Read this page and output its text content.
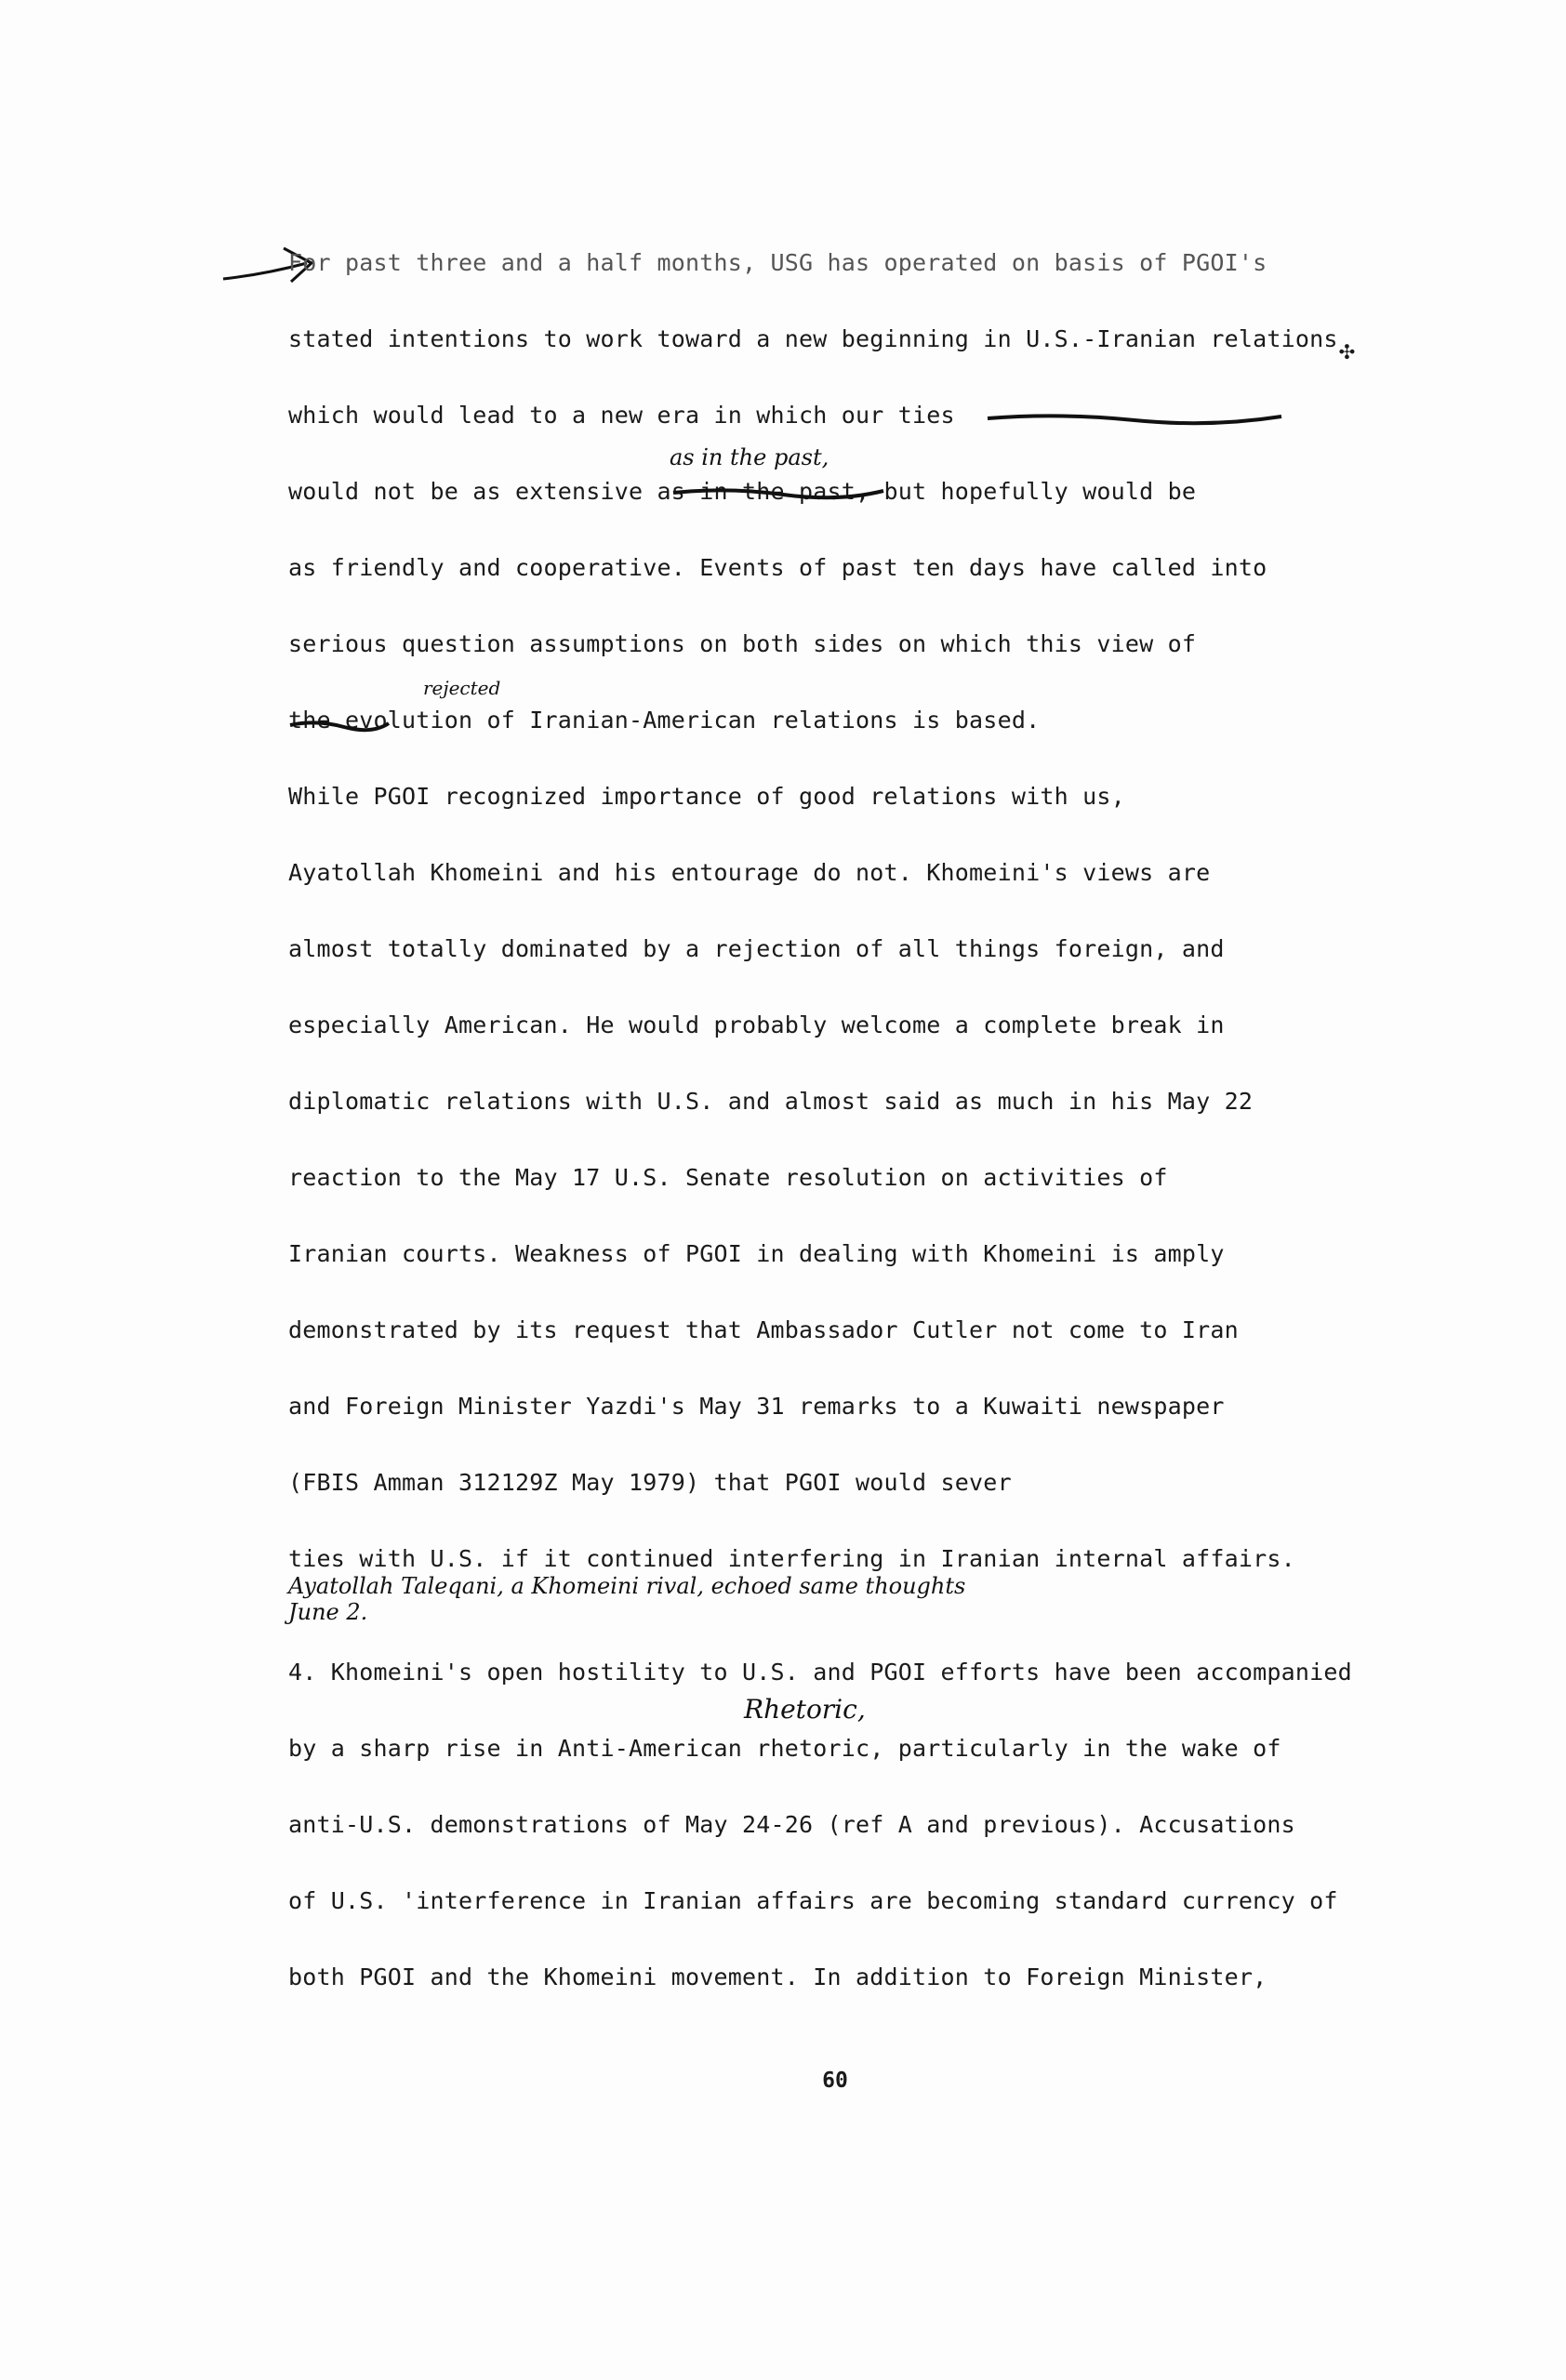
✣
For past three and a half months, USG has operated on basis of PGOI's
stated intentions to work toward a new beginning in U.S.-Iranian relations
which would lead to a new era in which our ties
as in the past,
would not be as extensive as in the past, but hopefully would be
as friendly and cooperative. Events of past ten days have called into
serious question assumptions on both sides on which this view of
rejected
the evolution of Iranian-American relations is based.
While PGOI recognized importance of good relations with us,
Ayatollah Khomeini and his entourage do not. Khomeini's views are
almost totally dominated by a rejection of all things foreign, and
especially American. He would probably welcome a complete break in
diplomatic relations with U.S. and almost said as much in his May 22
reaction to the May 17 U.S. Senate resolution on activities of
Iranian courts. Weakness of PGOI in dealing with Khomeini is amply
demonstrated by its request that Ambassador Cutler not come to Iran
and Foreign Minister Yazdi's May 31 remarks to a Kuwaiti newspaper
(FBIS Amman 312129Z May 1979) that PGOI would sever
ties with U.S. if it continued interfering in Iranian internal affairs.
Ayatollah Taleqani, a Khomeini rival, echoed same thoughts
June 2.
4. Khomeini's open hostility to U.S. and PGOI efforts have been accompanied
Rhetoric,
by a sharp rise in Anti-American rhetoric, particularly in the wake of
anti-U.S. demonstrations of May 24-26 (ref A and previous). Accusations
of U.S. 'interference in Iranian affairs are becoming standard currency of
both PGOI and the Khomeini movement. In addition to Foreign Minister,
60
